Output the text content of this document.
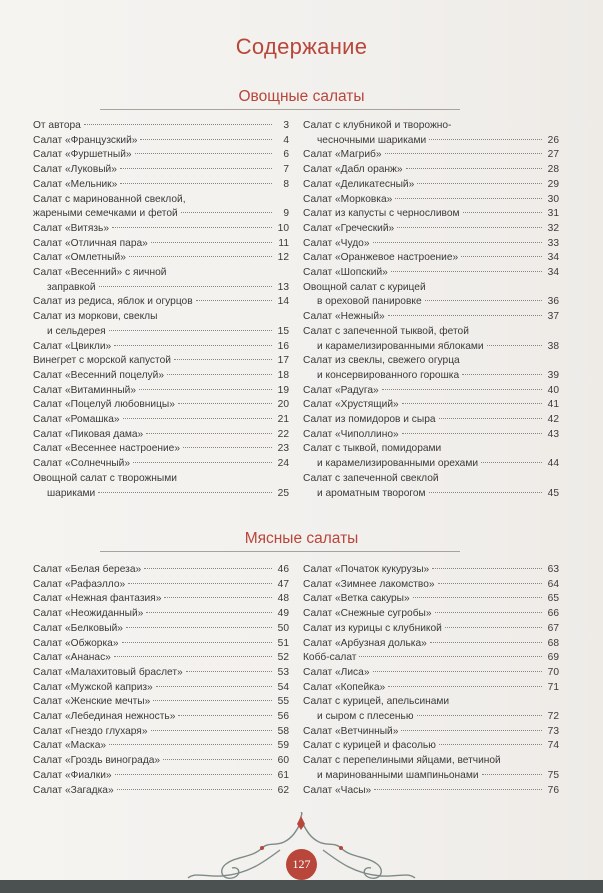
Содержание
Овощные салаты
От автора	3
Салат «Французский»	4
Салат «Фуршетный»	6
Салат «Луковый»	7
Салат «Мельник»	8
Салат с маринованной свеклой,
жареными семечками и фетой	9
Салат «Витязь»	10
Салат «Отличная пара»	11
Салат «Омлетный»	12
Салат «Весенний» с яичной
заправкой	13
Салат из редиса, яблок и огурцов	14
Салат из моркови, свеклы
и сельдерея	15
Салат «Цвикли»	16
Винегрет с морской капустой	17
Салат «Весенний поцелуй»	18
Салат «Витаминный»	19
Салат «Поцелуй любовницы»	20
Салат «Ромашка»	21
Салат «Пиковая дама»	22
Салат «Весеннее настроение»	23
Салат «Солнечный»	24
Овощной салат с творожными
шариками	25
Салат с клубникой и творожно-
чесночными шариками	26
Салат «Магриб»	27
Салат «Дабл оранж»	28
Салат «Деликатесный»	29
Салат «Морковка»	30
Салат из капусты с черносливом	31
Салат «Греческий»	32
Салат «Чудо»	33
Салат «Оранжевое настроение»	34
Салат «Шопский»	34
Овощной салат с курицей
в ореховой панировке	36
Салат «Нежный»	37
Салат с запеченной тыквой, фетой
и карамелизированными яблоками	38
Салат из свеклы, свежего огурца
и консервированного горошка	39
Салат «Радуга»	40
Салат «Хрустящий»	41
Салат из помидоров и сыра	42
Салат «Чиполлино»	43
Салат с тыквой, помидорами
и карамелизированными орехами	44
Салат с запеченной свеклой
и ароматным творогом	45
Мясные салаты
Салат «Белая береза»	46
Салат «Рафаэлло»	47
Салат «Нежная фантазия»	48
Салат «Неожиданный»	49
Салат «Белковый»	50
Салат «Обжорка»	51
Салат «Ананас»	52
Салат «Малахитовый браслет»	53
Салат «Мужской каприз»	54
Салат «Женские мечты»	55
Салат «Лебединая нежность»	56
Салат «Гнездо глухаря»	58
Салат «Маска»	59
Салат «Гроздь винограда»	60
Салат «Фиалки»	61
Салат «Загадка»	62
Салат «Початок кукурузы»	63
Салат «Зимнее лакомство»	64
Салат «Ветка сакуры»	65
Салат «Снежные сугробы»	66
Салат из курицы с клубникой	67
Салат «Арбузная долька»	68
Кобб-салат	69
Салат «Лиса»	70
Салат «Копейка»	71
Салат с курицей, апельсинами
и сыром с плесенью	72
Салат «Ветчинный»	73
Салат с курицей и фасолью	74
Салат с перепелиными яйцами, ветчиной
и маринованными шампиньонами	75
Салат «Часы»	76
127
